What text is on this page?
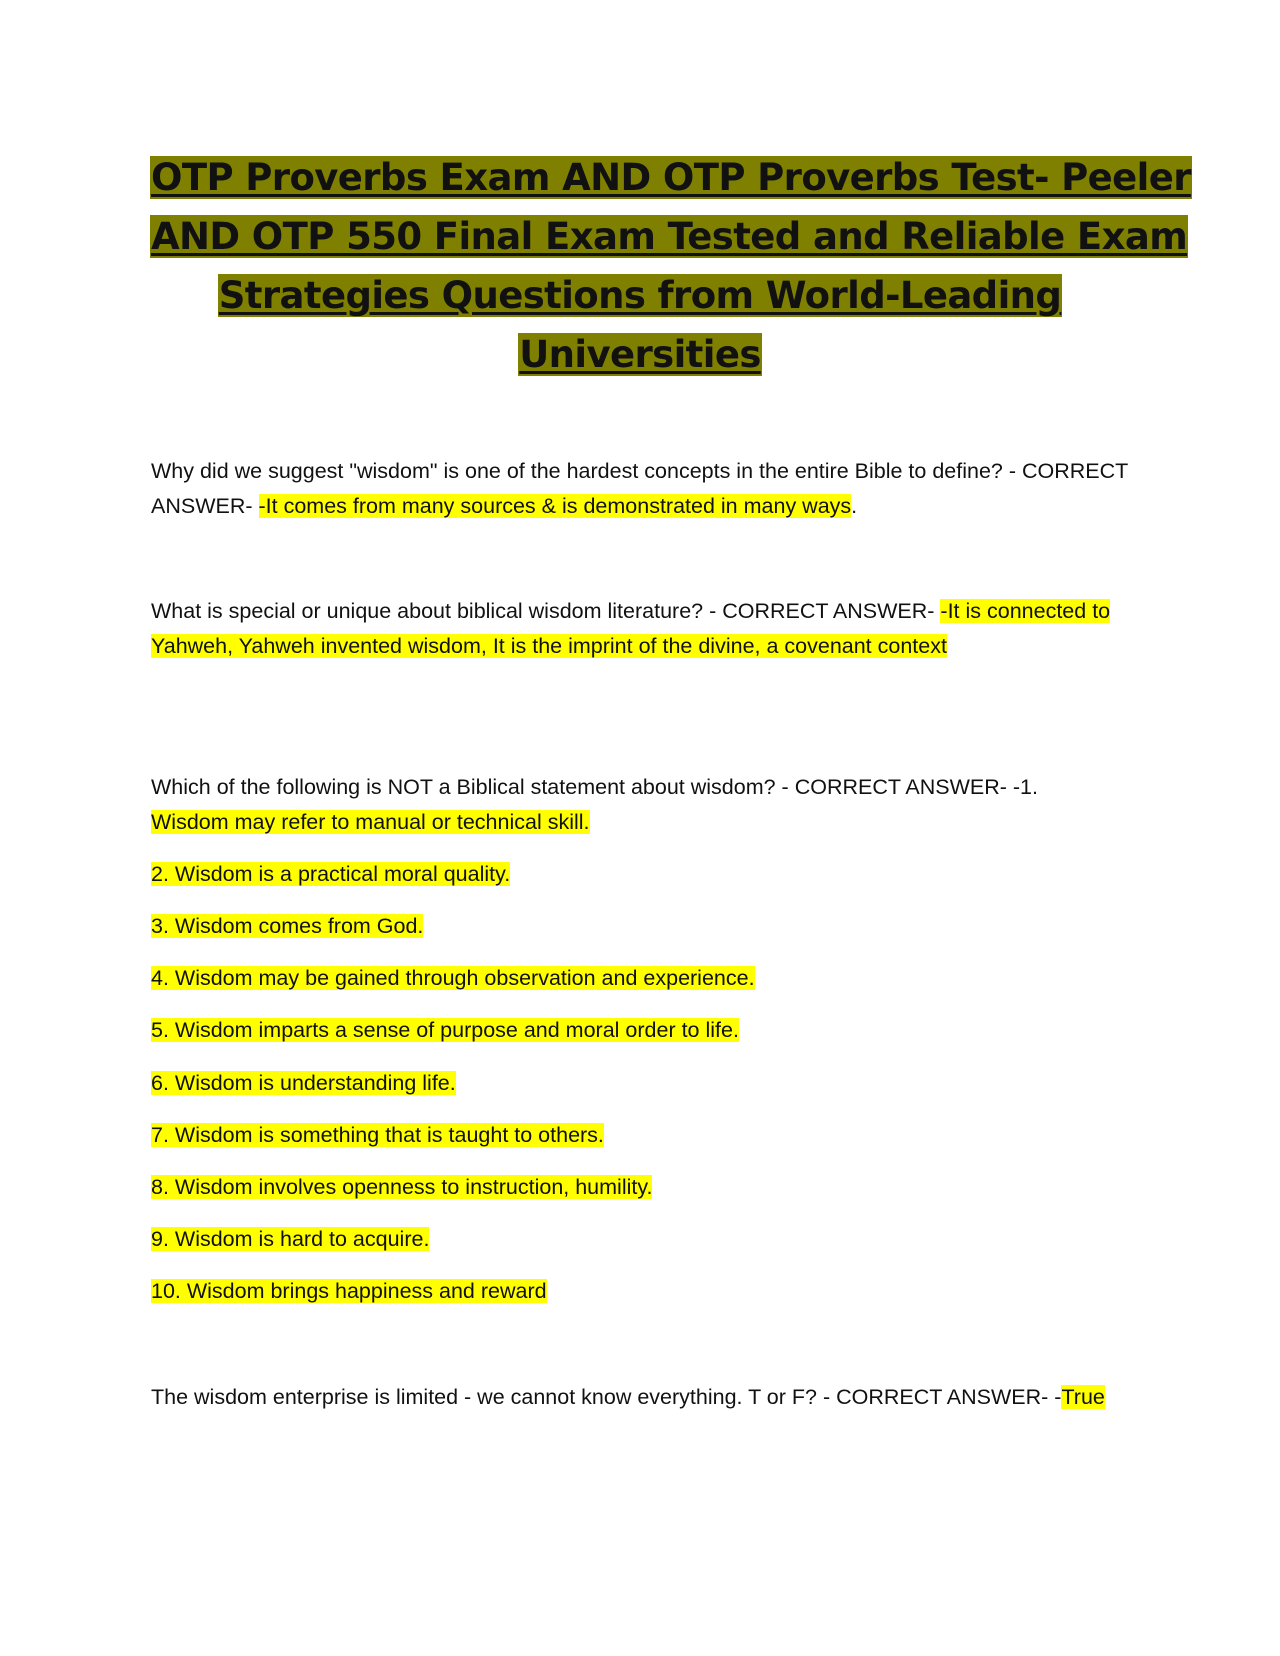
OTP Proverbs Exam AND OTP Proverbs Test- Peeler
AND OTP 550 Final Exam Tested and Reliable Exam
Strategies Questions from World-Leading
Universities
Why did we suggest "wisdom" is one of the hardest concepts in the entire Bible to define? - CORRECT ANSWER- -It comes from many sources & is demonstrated in many ways.
What is special or unique about biblical wisdom literature? - CORRECT ANSWER- -It is connected to Yahweh, Yahweh invented wisdom, It is the imprint of the divine, a covenant context
Which of the following is NOT a Biblical statement about wisdom? - CORRECT ANSWER- -1.
Wisdom may refer to manual or technical skill.
2. Wisdom is a practical moral quality.
3. Wisdom comes from God.
4. Wisdom may be gained through observation and experience.
5. Wisdom imparts a sense of purpose and moral order to life.
6. Wisdom is understanding life.
7. Wisdom is something that is taught to others.
8. Wisdom involves openness to instruction, humility.
9. Wisdom is hard to acquire.
10. Wisdom brings happiness and reward
The wisdom enterprise is limited - we cannot know everything. T or F? - CORRECT ANSWER- -True
